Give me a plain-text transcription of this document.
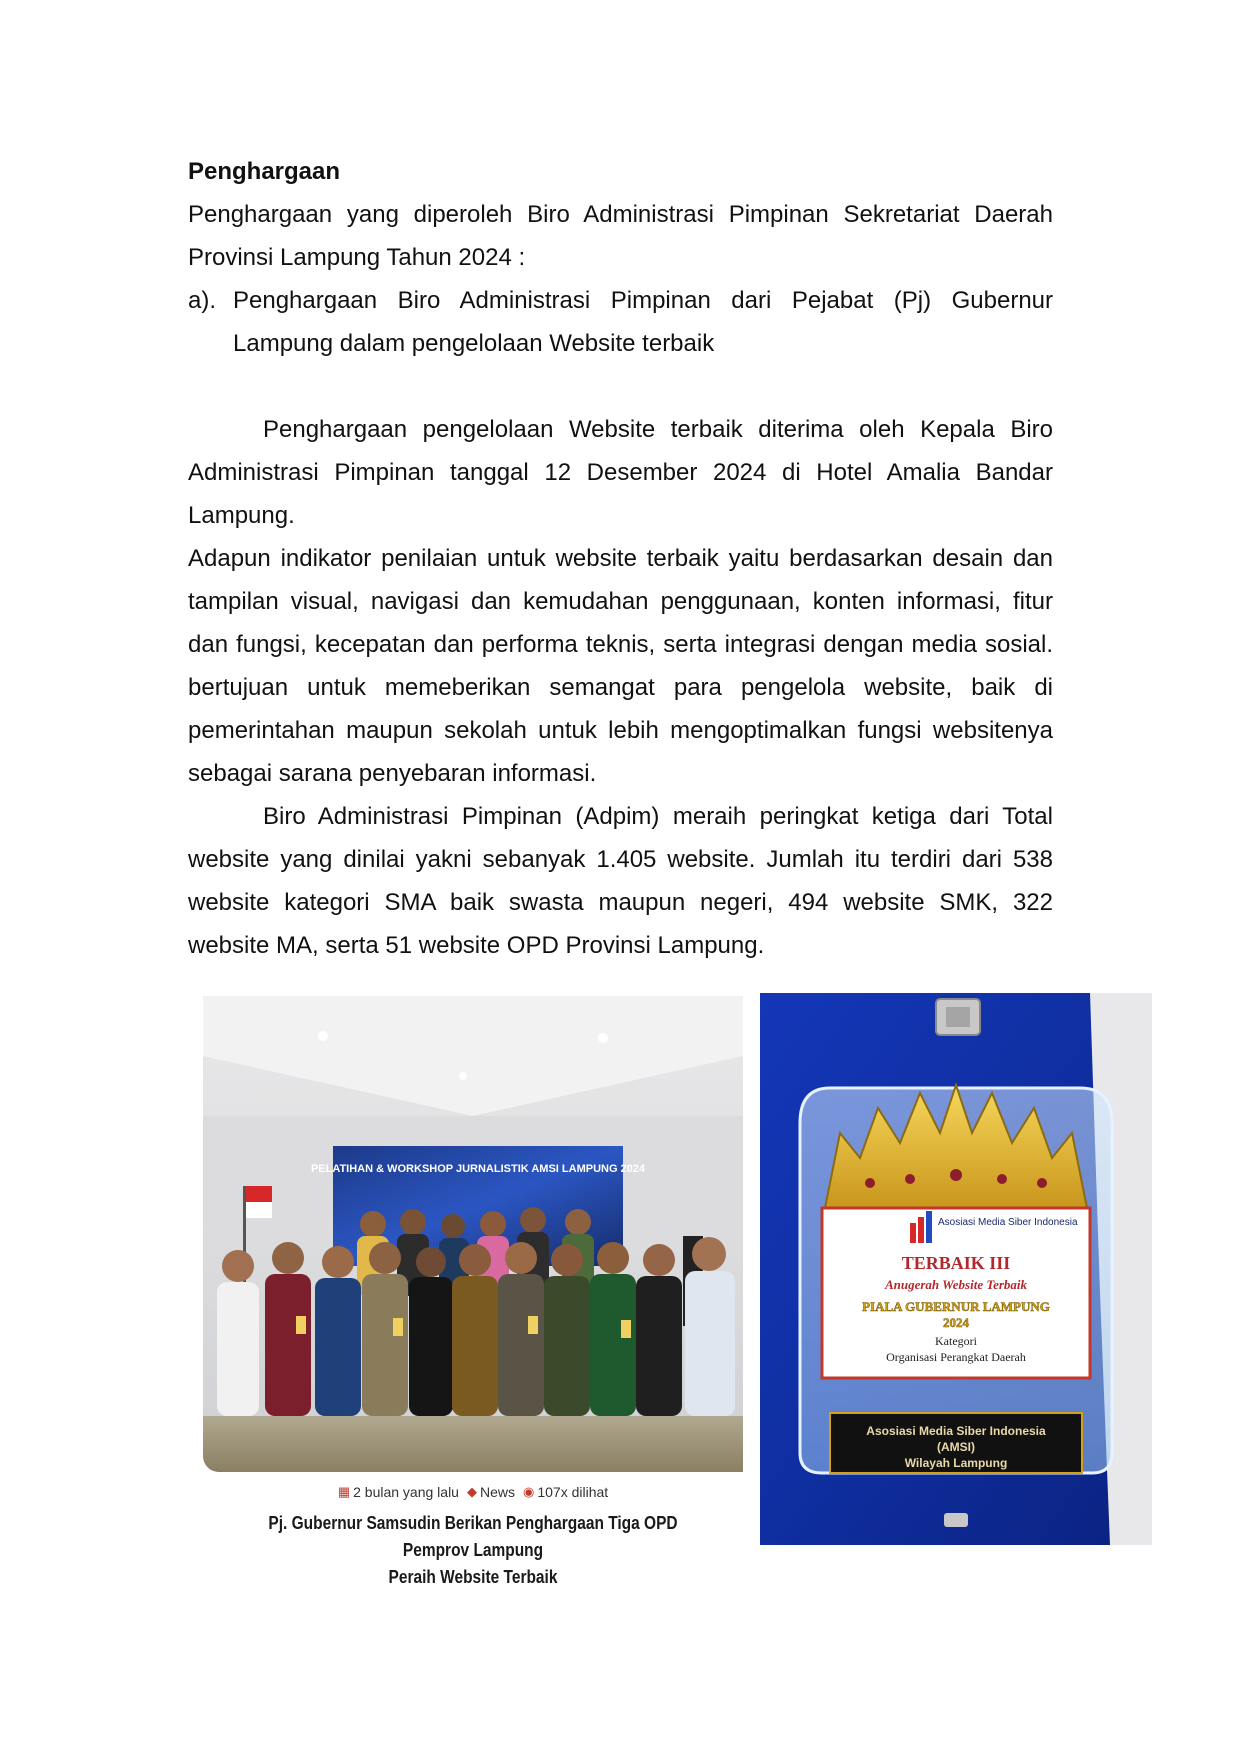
Penghargaan

Penghargaan yang diperoleh Biro Administrasi Pimpinan Sekretariat Daerah Provinsi Lampung Tahun 2024 :

a). Penghargaan Biro Administrasi Pimpinan dari Pejabat (Pj) Gubernur Lampung dalam pengelolaan Website terbaik

Penghargaan pengelolaan Website terbaik diterima oleh Kepala Biro Administrasi Pimpinan tanggal 12 Desember 2024 di Hotel Amalia Bandar Lampung.

Adapun indikator penilaian untuk website terbaik yaitu berdasarkan desain dan tampilan visual, navigasi dan kemudahan penggunaan, konten informasi, fitur dan fungsi, kecepatan dan performa teknis, serta integrasi dengan media sosial. bertujuan untuk memeberikan semangat para pengelola website, baik di pemerintahan maupun sekolah untuk lebih mengoptimalkan fungsi websitenya sebagai sarana penyebaran informasi.

Biro Administrasi Pimpinan (Adpim) meraih peringkat ketiga dari Total website yang dinilai yakni sebanyak 1.405 website. Jumlah itu terdiri dari 538 website kategori SMA baik swasta maupun negeri, 494 website SMK, 322 website MA, serta 51 website OPD Provinsi Lampung.

PELATIHAN & WORKSHOP JURNALISTIK AMSI LAMPUNG 2024
▦ 2 bulan yang lalu ◆ News ◉ 107x dilihat
Pj. Gubernur Samsudin Berikan Penghargaan Tiga OPD Pemprov Lampung
Peraih Website Terbaik
Asosiasi Media Siber Indonesia
TERBAIK III
Anugerah Website Terbaik
PIALA GUBERNUR LAMPUNG
2024
Kategori
Organisasi Perangkat Daerah
Asosiasi Media Siber Indonesia
(AMSI)
Wilayah Lampung
